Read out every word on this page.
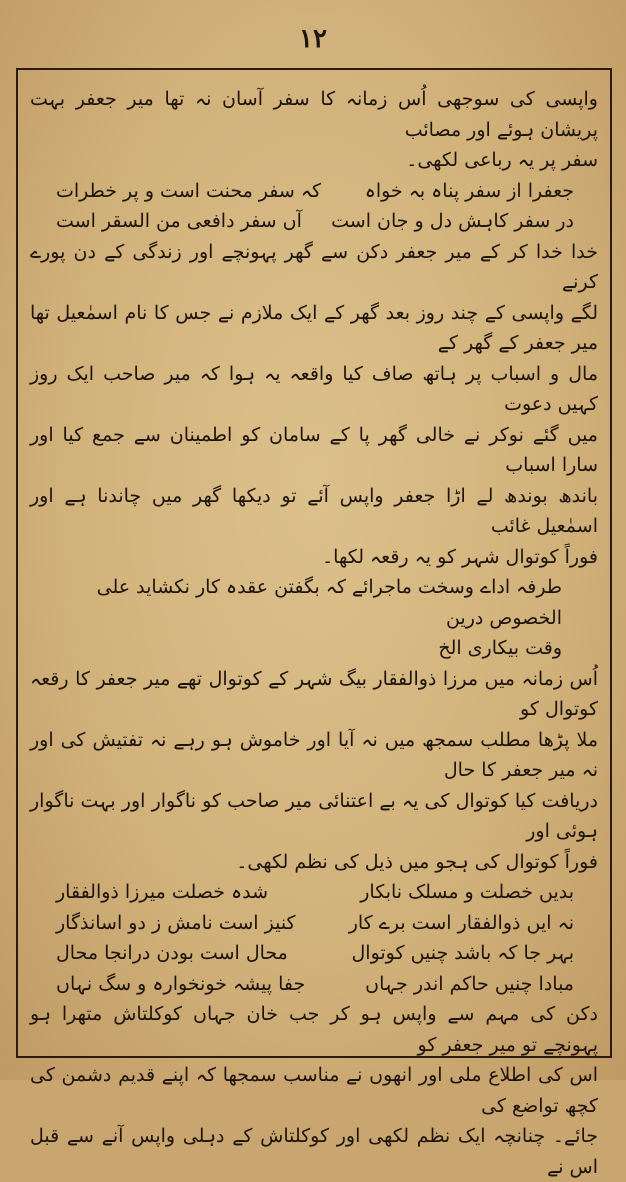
۱۲

واپسی کی سوجھی اُس زمانہ کا سفر آسان نہ تھا میر جعفر بہت پریشان ہوئے اور مصائب

سفر پر یہ رباعی لکھی۔

جعفرا از سفر پناہ بہ خواہ
کہ سفر محنت است و پر خطرات
در سفر کاہش دل و جان است
آں سفر دافعی من السقر است

خدا خدا کر کے میر جعفر دکن سے گھر پہونچے اور زندگی کے دن پورے کرنے

لگے واپسی کے چند روز بعد گھر کے ایک ملازم نے جس کا نام اسمٰعیل تھا میر جعفر کے گھر کے

مال و اسباب پر ہاتھ صاف کیا واقعہ یہ ہوا کہ میر صاحب ایک روز کہیں دعوت

میں گئے نوکر نے خالی گھر پا کے سامان کو اطمینان سے جمع کیا اور سارا اسباب

باندھ بوندھ لے اڑا جعفر واپس آئے تو دیکھا گھر میں چاندنا ہے اور اسمٰعیل غائب

فوراً کوتوال شہر کو یہ رقعہ لکھا۔

طرفہ اداے وسخت ماجرائے کہ بگفتن عقدہ کار نکشاید علی الخصوص درین

وقت بیکاری الخ

اُس زمانہ میں مرزا ذوالفقار بیگ شہر کے کوتوال تھے میر جعفر کا رقعہ کوتوال کو

ملا پڑھا مطلب سمجھ میں نہ آیا اور خاموش ہو رہے نہ تفتیش کی اور نہ میر جعفر کا حال

دریافت کیا کوتوال کی یہ بے اعتنائی میر صاحب کو ناگوار اور بہت ناگوار ہوئی اور

فوراً کوتوال کی ہجو میں ذیل کی نظم لکھی۔

بدیں خصلت و مسلک نابکار
شدہ خصلت میرزا ذوالفقار
نہ ایں ذوالفقار است برے کار
کنیز است نامش ز دو اسانذگار
بہر جا کہ باشد چنیں کوتوال
محال است بودن درانجا محال
مبادا چنیں حاکم اندر جہاں
جفا پیشہ خونخوارہ و سگ نہاں

دکن کی مہم سے واپس ہو کر جب خان جہاں کوکلتاش متھرا ہو پہونچے تو میر جعفر کو

اس کی اطلاع ملی اور انھوں نے مناسب سمجھا کہ اپنے قدیم دشمن کی کچھ تواضع کی

جائے۔ چنانچہ ایک نظم لکھی اور کوکلتاش کے دہلی واپس آنے سے قبل اس نے
